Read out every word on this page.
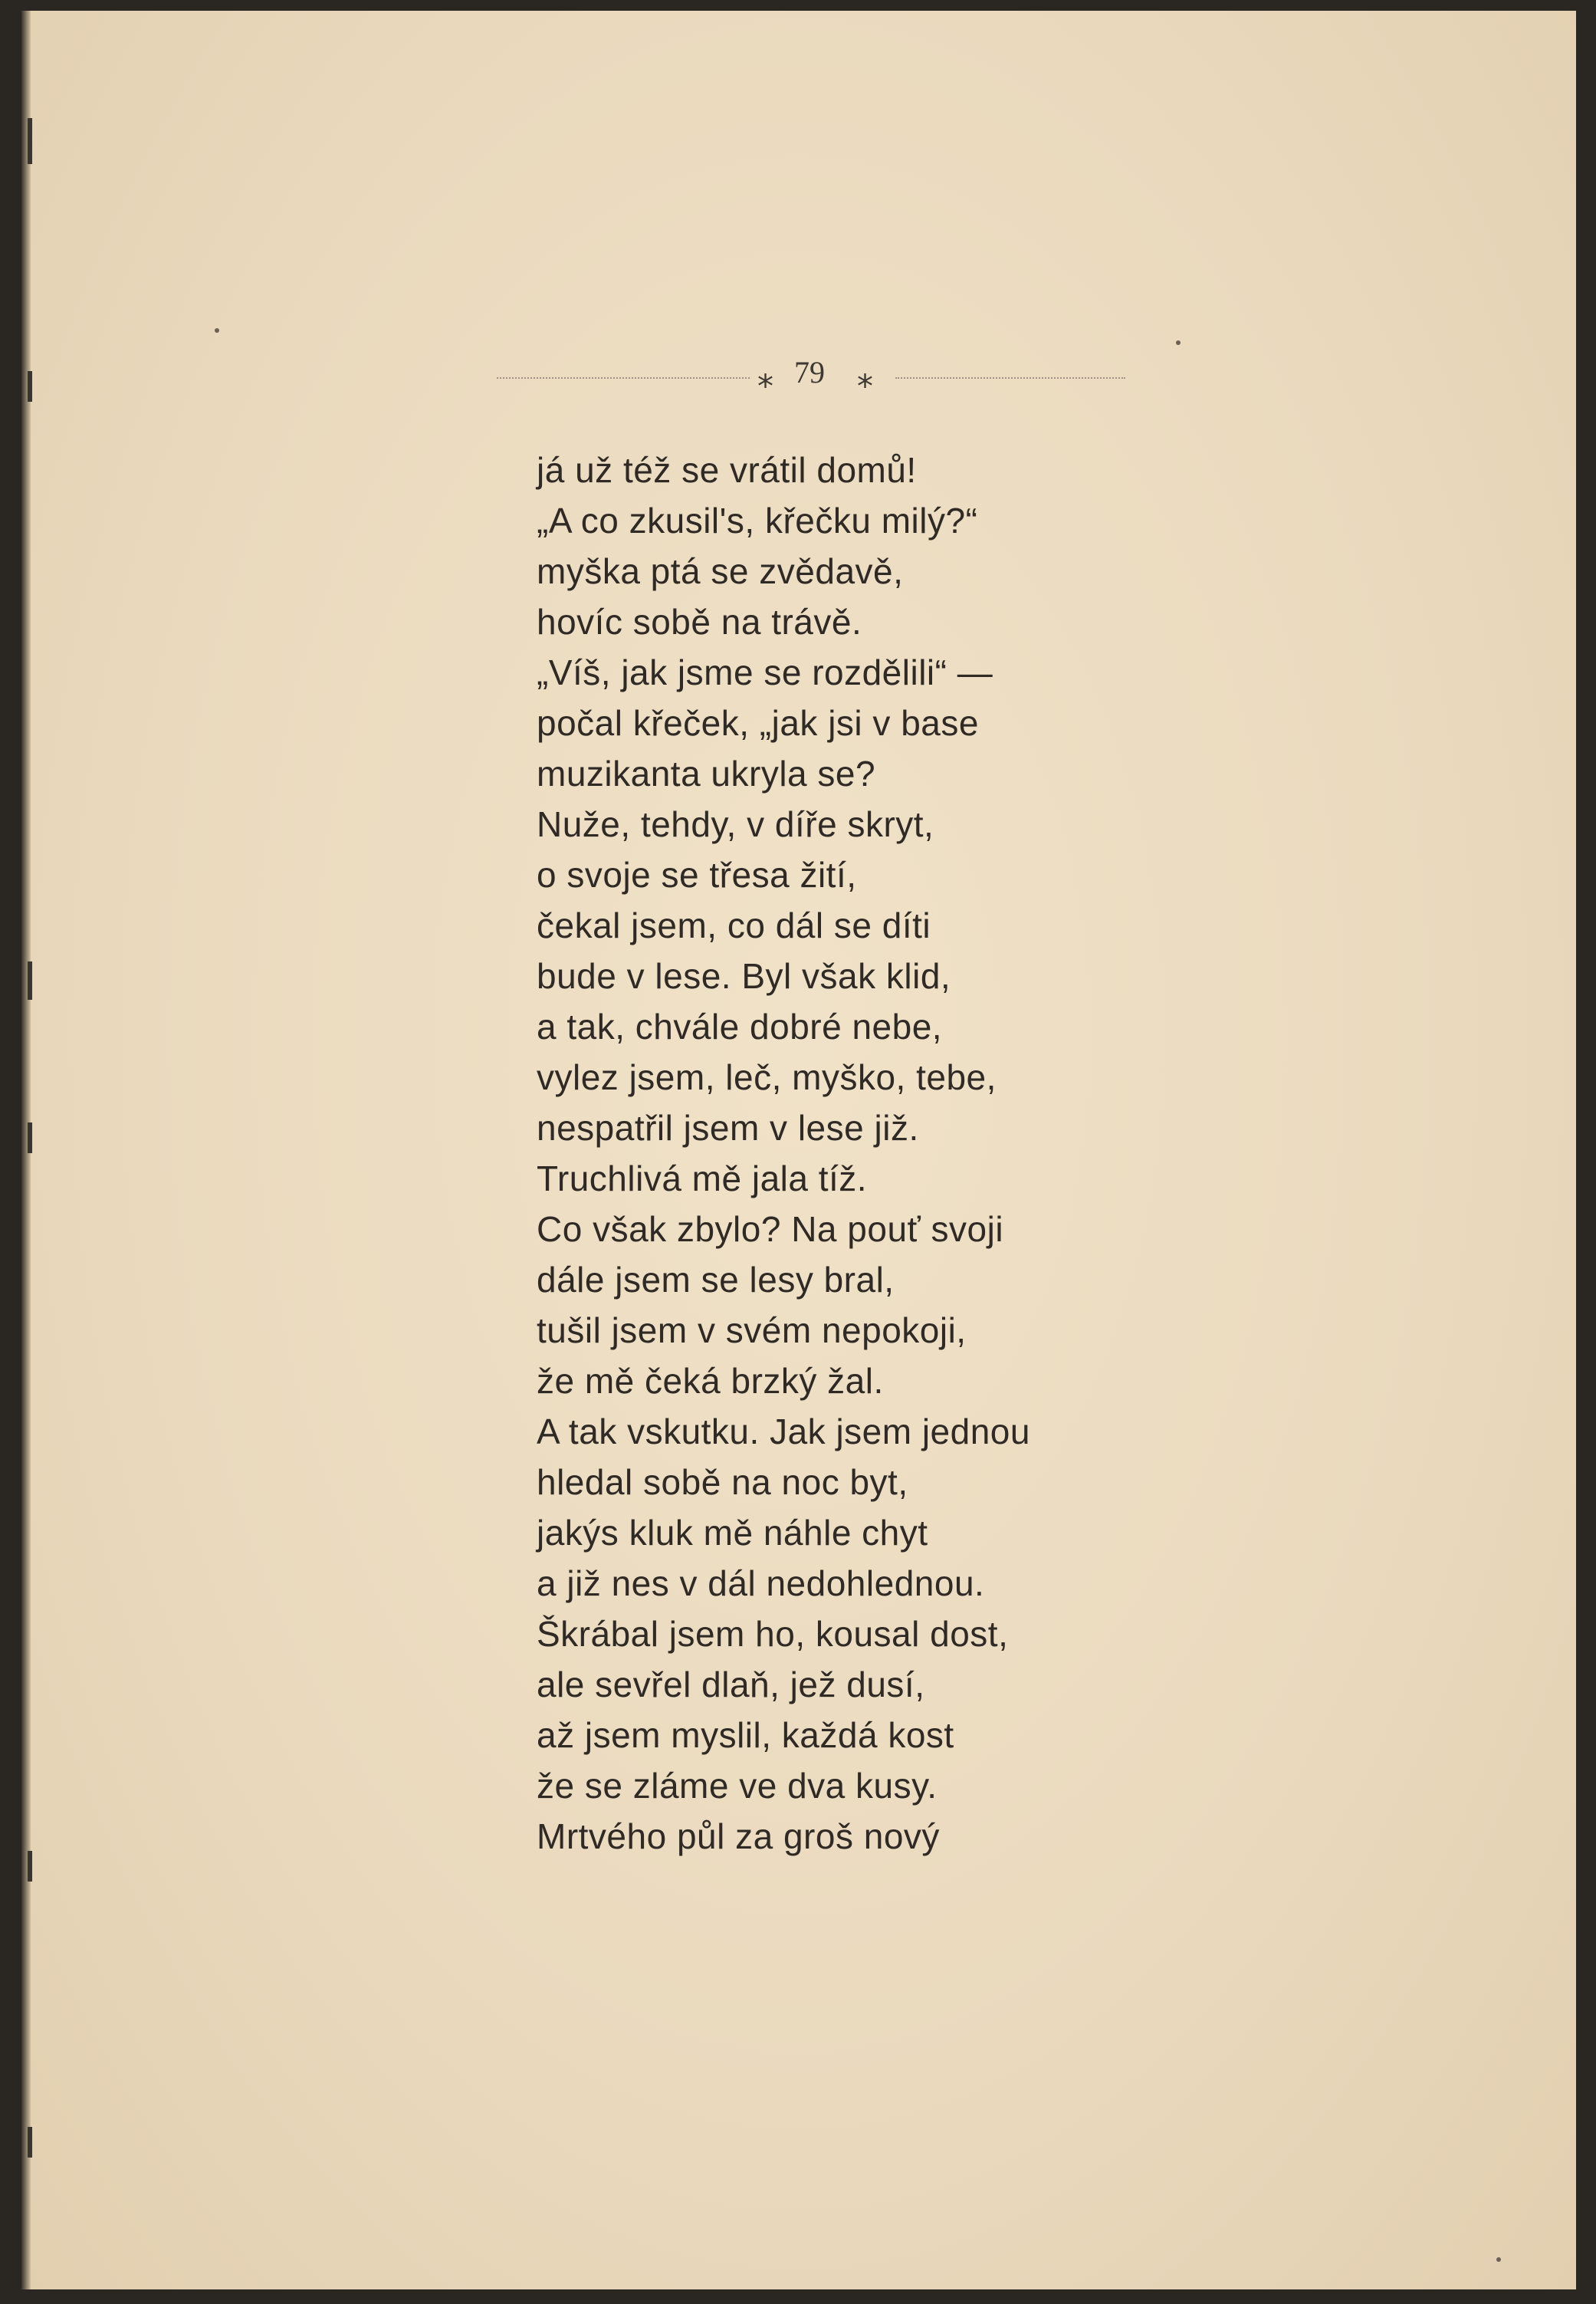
⁎ 79 ⁎
já už též se vrátil domů!
„A co zkusil's, křečku milý?“
myška ptá se zvědavě,
hovíc sobě na trávě.
„Víš, jak jsme se rozdělili“ —
počal křeček, „jak jsi v base
muzikanta ukryla se?
Nuže, tehdy, v díře skryt,
o svoje se třesa žití,
čekal jsem, co dál se díti
bude v lese. Byl však klid,
a tak, chvále dobré nebe,
vylez jsem, leč, myško, tebe,
nespatřil jsem v lese již.
Truchlivá mě jala tíž.
Co však zbylo? Na pouť svoji
dále jsem se lesy bral,
tušil jsem v svém nepokoji,
že mě čeká brzký žal.
A tak vskutku. Jak jsem jednou
hledal sobě na noc byt,
jakýs kluk mě náhle chyt
a již nes v dál nedohlednou.
Škrábal jsem ho, kousal dost,
ale sevřel dlaň, jež dusí,
až jsem myslil, každá kost
že se zláme ve dva kusy.
Mrtvého půl za groš nový
